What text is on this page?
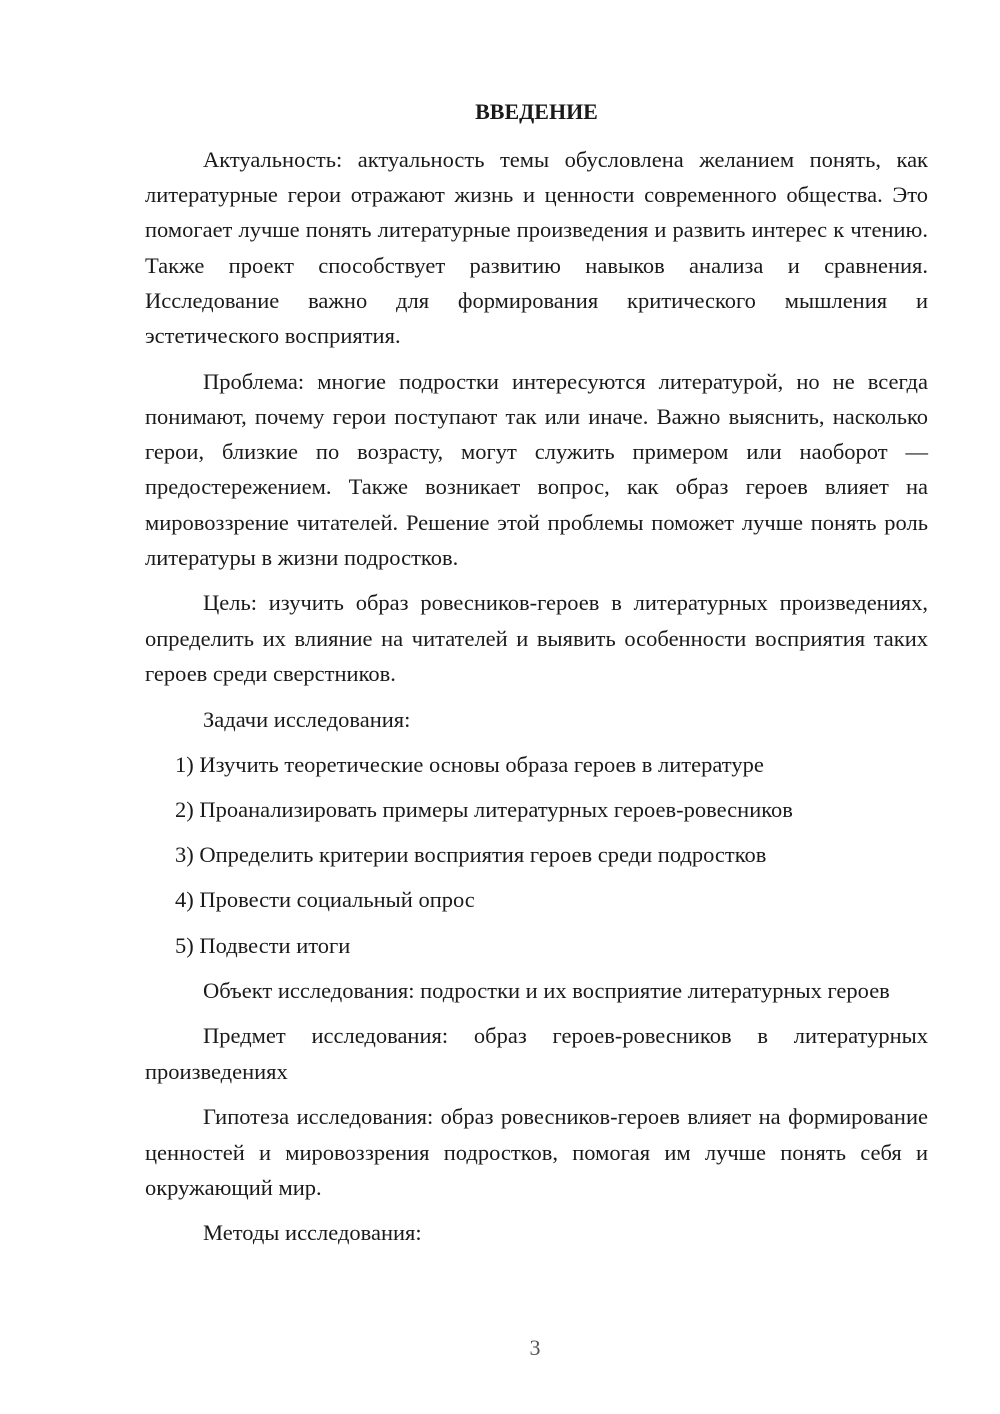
ВВЕДЕНИЕ

Актуальность: актуальность темы обусловлена желанием понять, как литературные герои отражают жизнь и ценности современного общества. Это помогает лучше понять литературные произведения и развить интерес к чтению. Также проект способствует развитию навыков анализа и сравнения. Исследование важно для формирования критического мышления и эстетического восприятия.

Проблема: многие подростки интересуются литературой, но не всегда понимают, почему герои поступают так или иначе. Важно выяснить, насколько герои, близкие по возрасту, могут служить примером или наоборот — предостережением. Также возникает вопрос, как образ героев влияет на мировоззрение читателей. Решение этой проблемы поможет лучше понять роль литературы в жизни подростков.

Цель: изучить образ ровесников-героев в литературных произведениях, определить их влияние на читателей и выявить особенности восприятия таких героев среди сверстников.

Задачи исследования:

1) Изучить теоретические основы образа героев в литературе

2) Проанализировать примеры литературных героев-ровесников

3) Определить критерии восприятия героев среди подростков

4) Провести социальный опрос

5) Подвести итоги

Объект исследования: подростки и их восприятие литературных героев

Предмет исследования: образ героев-ровесников в литературных произведениях

Гипотеза исследования: образ ровесников-героев влияет на формирование ценностей и мировоззрения подростков, помогая им лучше понять себя и окружающий мир.

Методы исследования:

3
